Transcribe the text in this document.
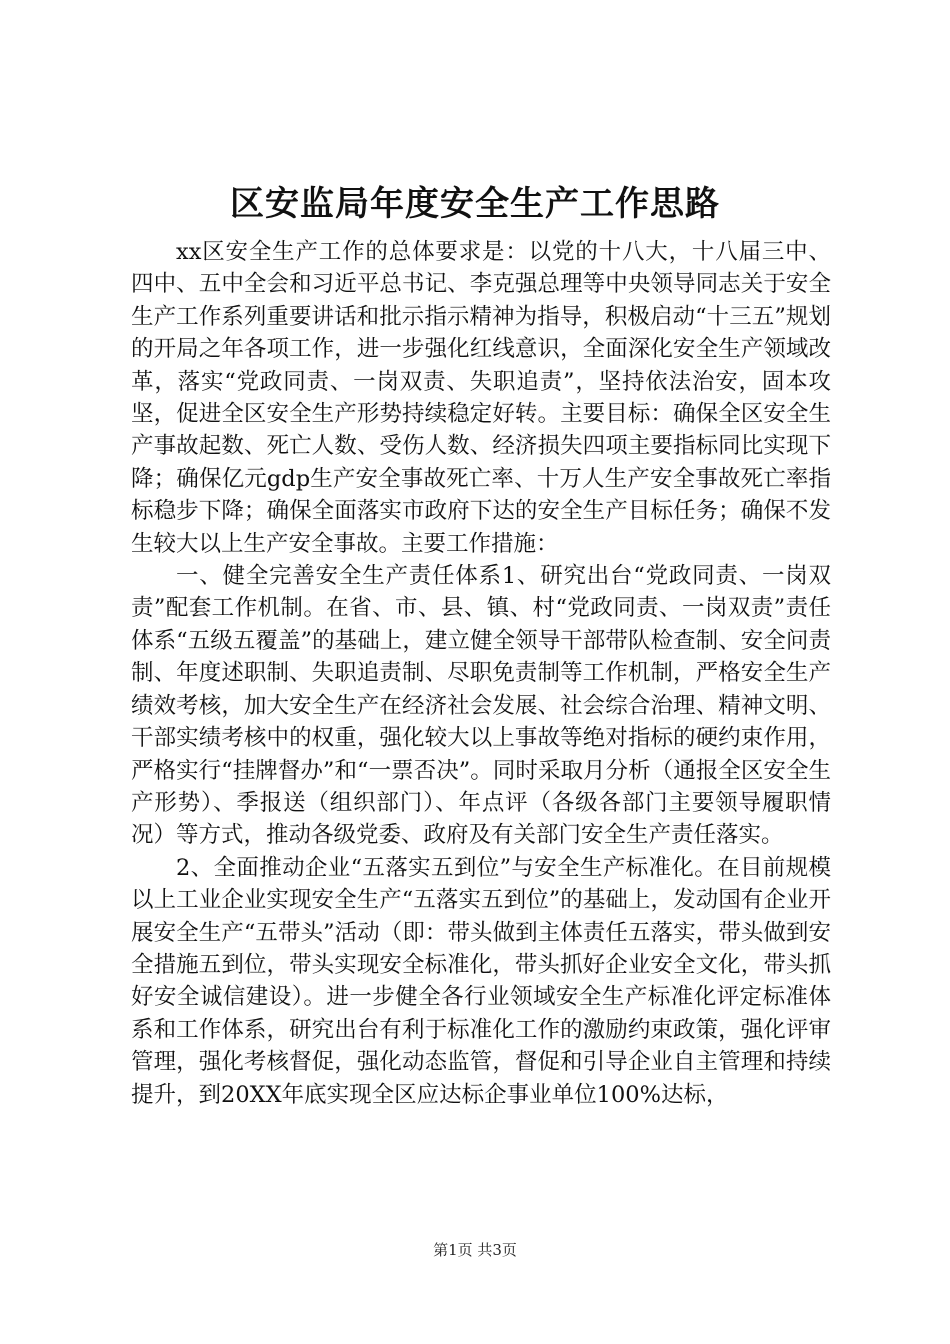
区安监局年度安全生产工作思路

xx区安全生产工作的总体要求是：以党的十八大，十八届三中、四中、五中全会和习近平总书记、李克强总理等中央领导同志关于安全生产工作系列重要讲话和批示指示精神为指导，积极启动“十三五”规划的开局之年各项工作，进一步强化红线意识，全面深化安全生产领域改革，落实“党政同责、一岗双责、失职追责”，坚持依法治安，固本攻坚，促进全区安全生产形势持续稳定好转。主要目标：确保全区安全生产事故起数、死亡人数、受伤人数、经济损失四项主要指标同比实现下降；确保亿元gdp生产安全事故死亡率、十万人生产安全事故死亡率指标稳步下降；确保全面落实市政府下达的安全生产目标任务；确保不发生较大以上生产安全事故。主要工作措施：

一、健全完善安全生产责任体系1、研究出台“党政同责、一岗双责”配套工作机制。在省、市、县、镇、村“党政同责、一岗双责”责任体系“五级五覆盖”的基础上，建立健全领导干部带队检查制、安全问责制、年度述职制、失职追责制、尽职免责制等工作机制，严格安全生产绩效考核，加大安全生产在经济社会发展、社会综合治理、精神文明、干部实绩考核中的权重，强化较大以上事故等绝对指标的硬约束作用，严格实行“挂牌督办”和“一票否决”。同时采取月分析（通报全区安全生产形势）、季报送（组织部门）、年点评（各级各部门主要领导履职情况）等方式，推动各级党委、政府及有关部门安全生产责任落实。

2、全面推动企业“五落实五到位”与安全生产标准化。在目前规模以上工业企业实现安全生产“五落实五到位”的基础上，发动国有企业开展安全生产“五带头”活动（即：带头做到主体责任五落实，带头做到安全措施五到位，带头实现安全标准化，带头抓好企业安全文化，带头抓好安全诚信建设）。进一步健全各行业领域安全生产标准化评定标准体系和工作体系，研究出台有利于标准化工作的激励约束政策，强化评审管理，强化考核督促，强化动态监管，督促和引导企业自主管理和持续提升，到20XX年底实现全区应达标企事业单位100%达标，

第1页 共3页
